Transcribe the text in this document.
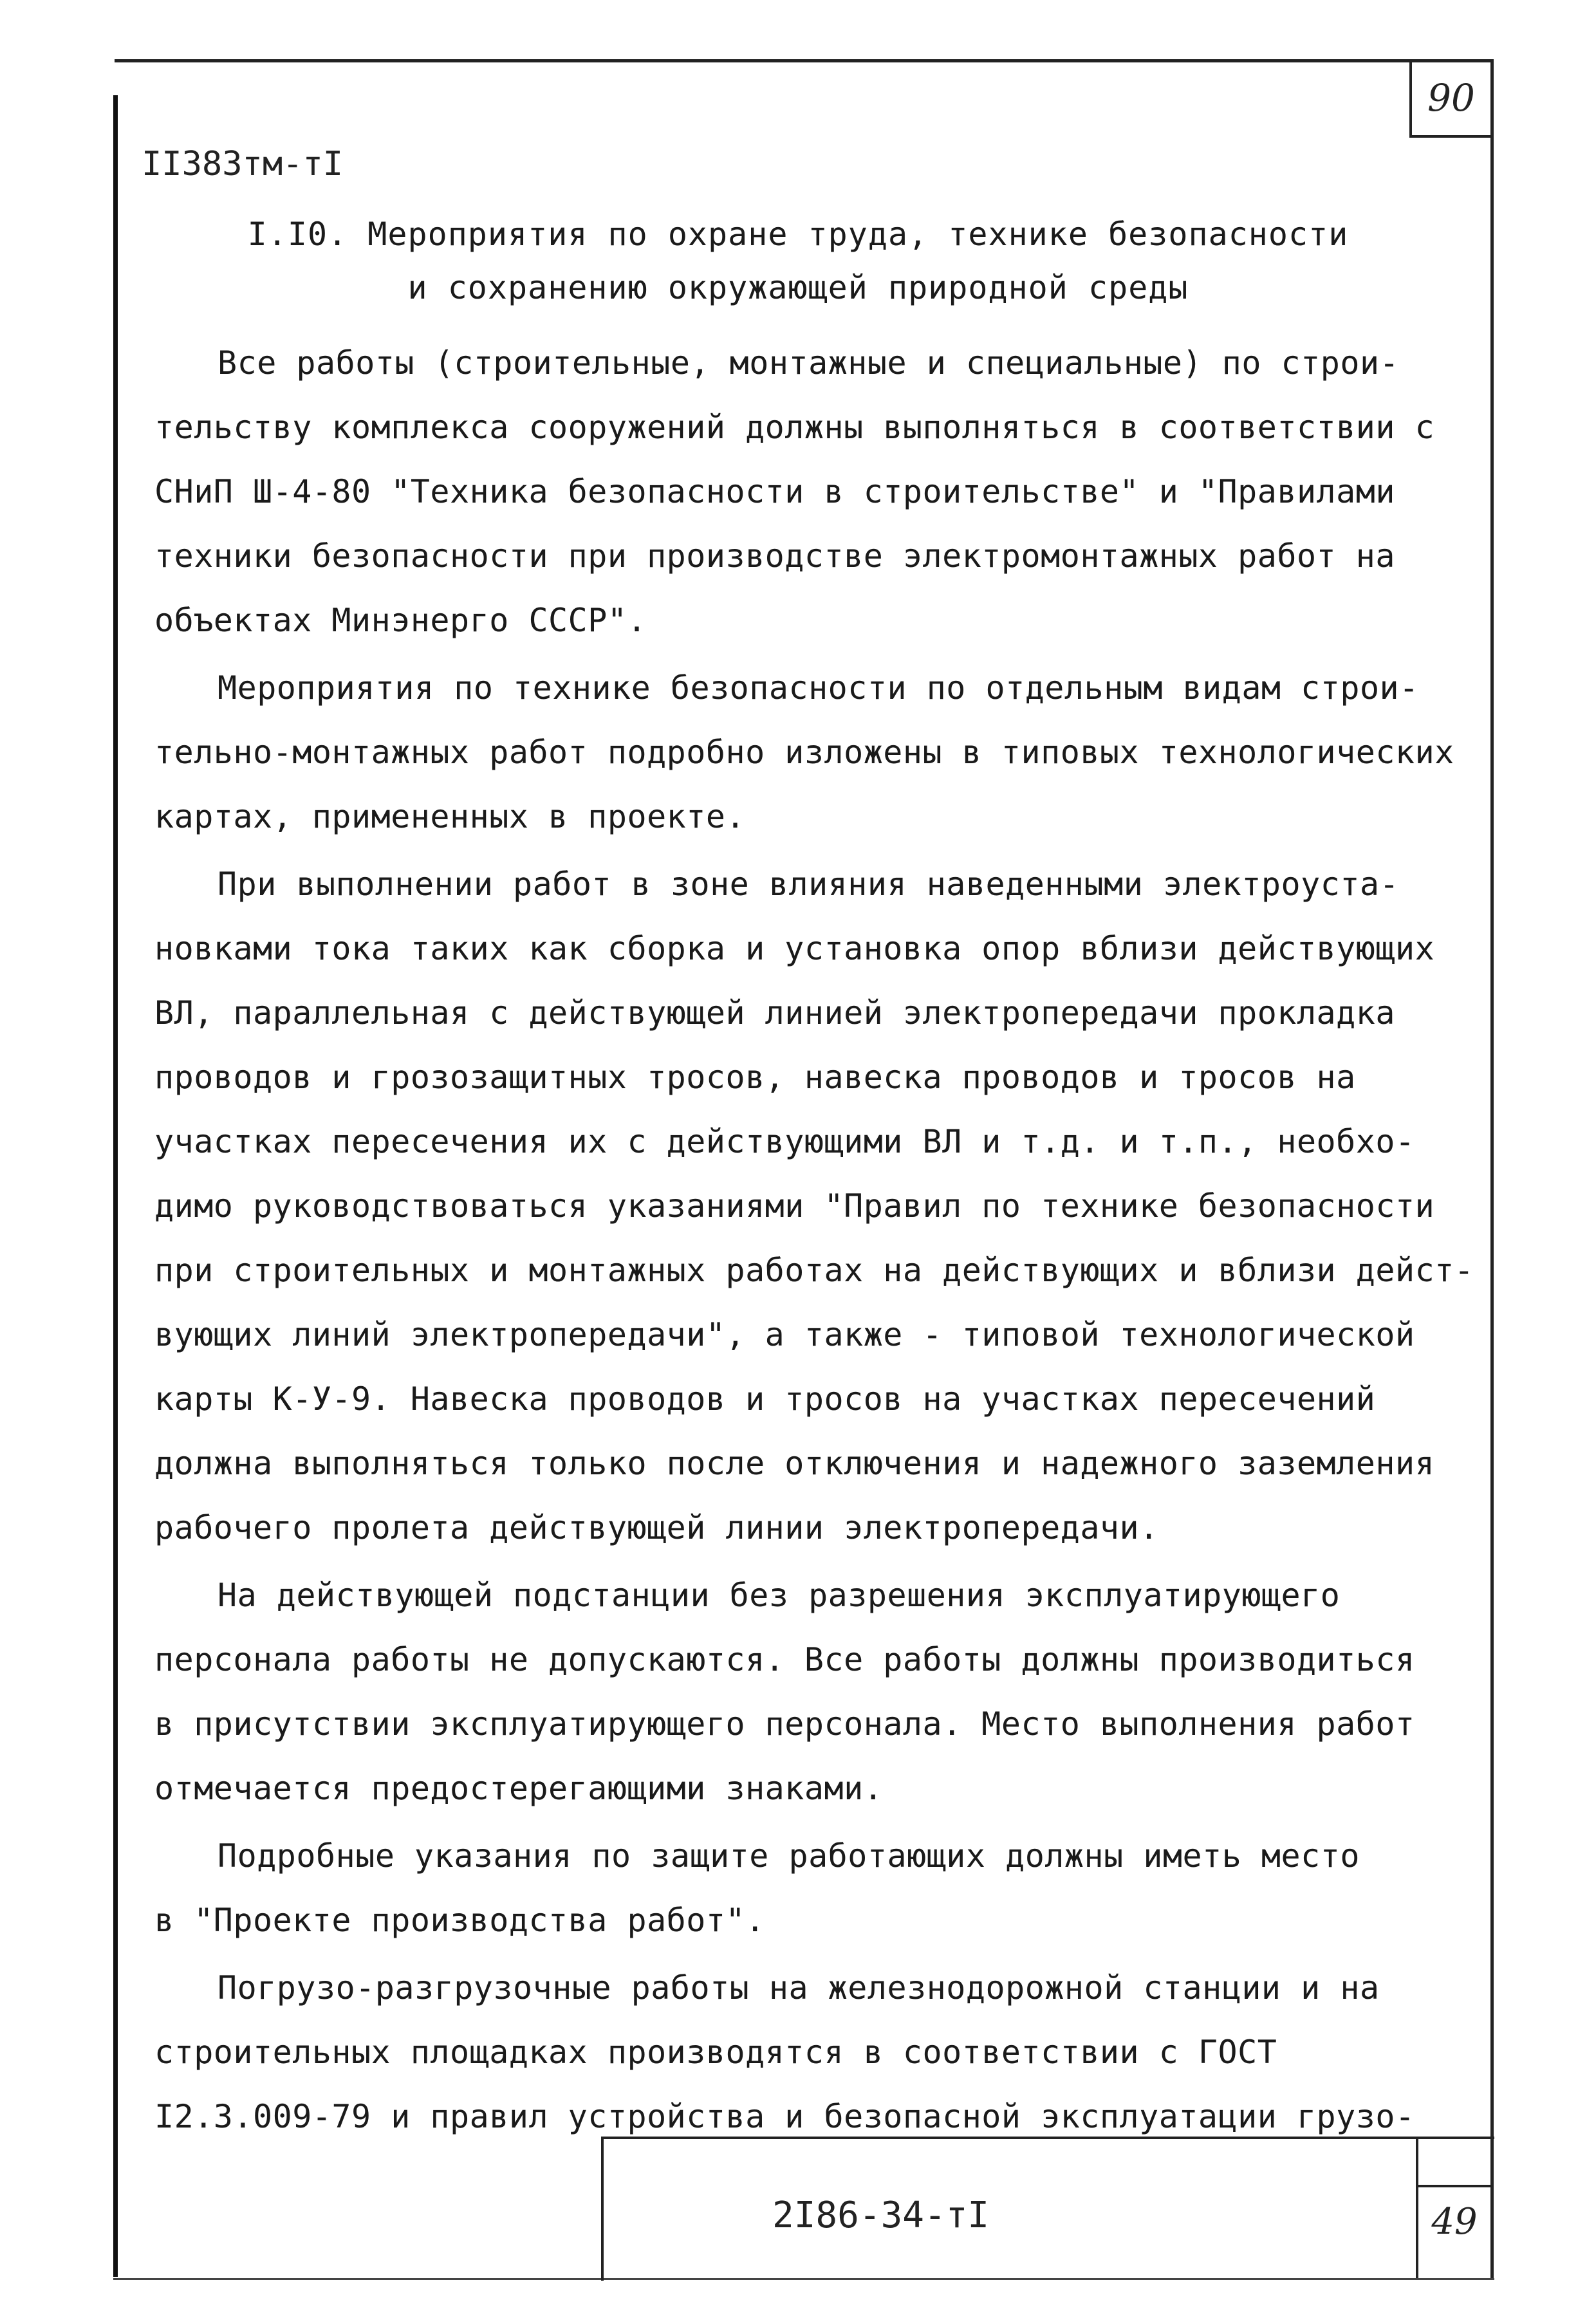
90
II383тм-тI
I.I0. Мероприятия по охране труда, технике безопасности
и сохранению окружающей природной среды
Все работы (строительные, монтажные и специальные) по строи-
тельству комплекса сооружений должны выполняться в соответствии с
СНиП Ш-4-80 "Техника безопасности в строительстве" и "Правилами
техники безопасности при производстве электромонтажных работ на
объектах Минэнерго СССР".
Мероприятия по технике безопасности по отдельным видам строи-
тельно-монтажных работ подробно изложены в типовых технологических
картах, примененных в проекте.
При выполнении работ в зоне влияния наведенными электроуста-
новками тока таких как сборка и установка опор вблизи действующих
ВЛ, параллельная с действующей линией электропередачи прокладка
проводов и грозозащитных тросов, навеска проводов и тросов на
участках пересечения их с действующими ВЛ и т.д. и т.п., необхо-
димо руководствоваться указаниями "Правил по технике безопасности
при строительных и монтажных работах на действующих и вблизи дейст-
вующих линий электропередачи", а также - типовой технологической
карты К-У-9. Навеска проводов и тросов на участках пересечений
должна выполняться только после отключения и надежного заземления
рабочего пролета действующей линии электропередачи.
На действующей подстанции без разрешения эксплуатирующего
персонала работы не допускаются. Все работы должны производиться
в присутствии эксплуатирующего персонала. Место выполнения работ
отмечается предостерегающими знаками.
Подробные указания по защите работающих должны иметь место
в "Проекте производства работ".
Погрузо-разгрузочные работы на железнодорожной станции и на
строительных площадках производятся в соответствии с ГОСТ
I2.3.009-79 и правил устройства и безопасной эксплуатации грузо-
2I86-34-тI	49
